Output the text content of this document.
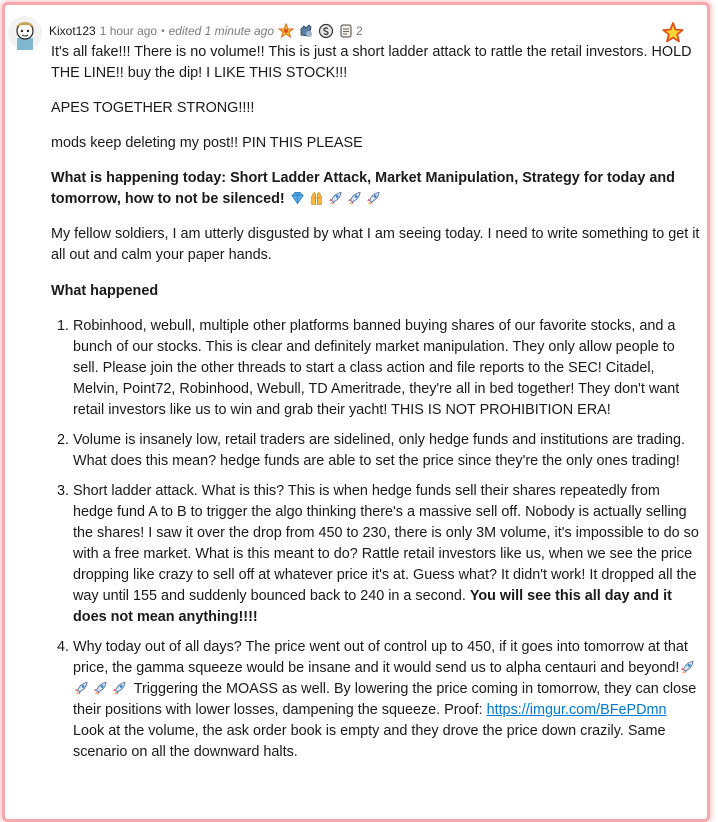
Kixot123 1 hour ago • edited 1 minute ago	2

It's all fake!!! There is no volume!! This is just a short ladder attack to rattle the retail investors. HOLD THE LINE!! buy the dip! I LIKE THIS STOCK!!!

APES TOGETHER STRONG!!!!

mods keep deleting my post!! PIN THIS PLEASE

What is happening today: Short Ladder Attack, Market Manipulation, Strategy for today and tomorrow, how to not be silenced!

My fellow soldiers, I am utterly disgusted by what I am seeing today. I need to write something to get it all out and calm your paper hands.

What happened

1. Robinhood, webull, multiple other platforms banned buying shares of our favorite stocks, and a bunch of our stocks. This is clear and definitely market manipulation. They only allow people to sell. Please join the other threads to start a class action and file reports to the SEC! Citadel, Melvin, Point72, Robinhood, Webull, TD Ameritrade, they're all in bed together! They don't want retail investors like us to win and grab their yacht! THIS IS NOT PROHIBITION ERA!
2. Volume is insanely low, retail traders are sidelined, only hedge funds and institutions are trading. What does this mean? hedge funds are able to set the price since they're the only ones trading!
3. Short ladder attack. What is this? This is when hedge funds sell their shares repeatedly from hedge fund A to B to trigger the algo thinking there's a massive sell off. Nobody is actually selling the shares! I saw it over the drop from 450 to 230, there is only 3M volume, it's impossible to do so with a free market. What is this meant to do? Rattle retail investors like us, when we see the price dropping like crazy to sell off at whatever price it's at. Guess what? It didn't work! It dropped all the way until 155 and suddenly bounced back to 240 in a second. You will see this all day and it does not mean anything!!!!
4. Why today out of all days? The price went out of control up to 450, if it goes into tomorrow at that price, the gamma squeeze would be insane and it would send us to alpha centauri and beyond!  Triggering the MOASS as well. By lowering the price coming in tomorrow, they can close their positions with lower losses, dampening the squeeze. Proof: https://imgur.com/BFePDmn Look at the volume, the ask order book is empty and they drove the price down crazily. Same scenario on all the downward halts.
